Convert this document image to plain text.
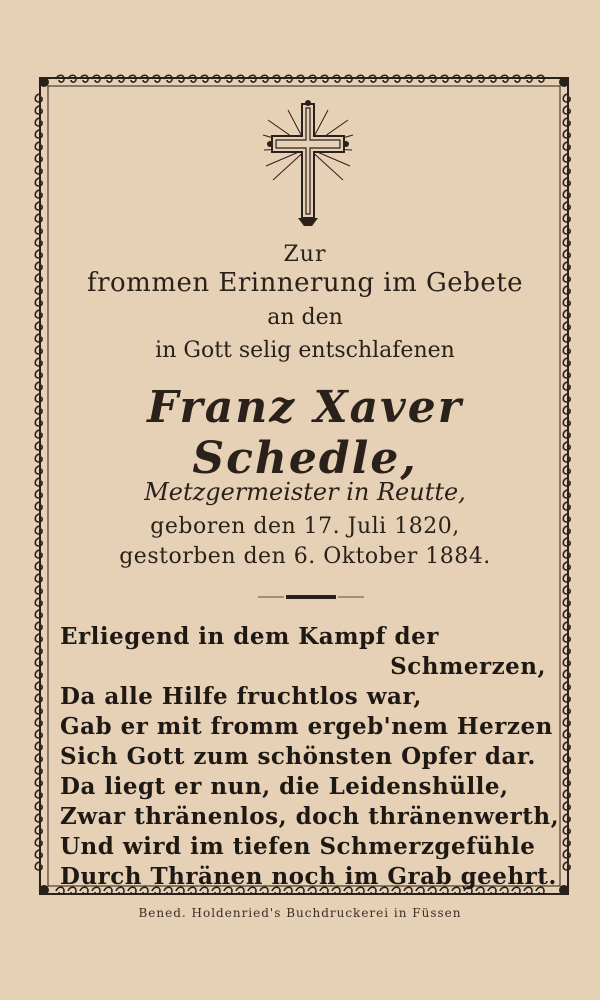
Zur
frommen Erinnerung im Gebete
an den
in Gott selig entschlafenen
Franz Xaver Schedle,
Metzgermeister in Reutte,
geboren den 17. Juli 1820,
gestorben den 6. Oktober 1884.
Erliegend in dem Kampf der
Schmerzen,
Da alle Hilfe fruchtlos war,
Gab er mit fromm ergeb'nem Herzen
Sich Gott zum schönsten Opfer dar.
Da liegt er nun, die Leidenshülle,
Zwar thränenlos, doch thränenwerth,
Und wird im tiefen Schmerzgefühle
Durch Thränen noch im Grab geehrt.
Bened. Holdenried's Buchdruckerei in Füssen
